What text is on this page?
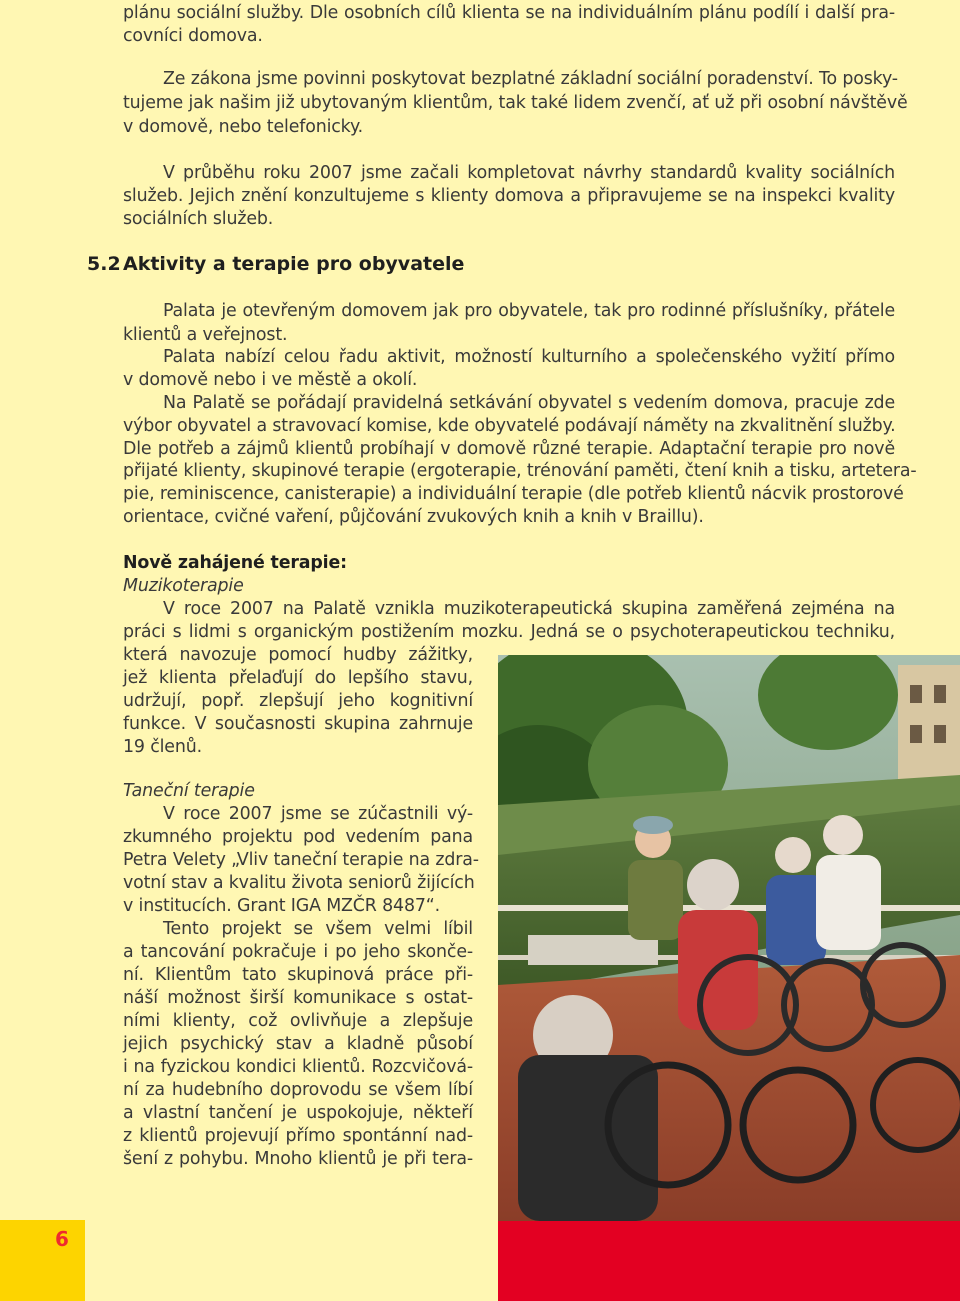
plánu sociální služby. Dle osobních cílů klienta se na individuálním plánu podílí i další pra-
covníci domova.
Ze zákona jsme povinni poskytovat bezplatné základní sociální poradenství. To posky-
tujeme jak našim již ubytovaným klientům, tak také lidem zvenčí, ať už při osobní návštěvě
v domově, nebo telefonicky.
V průběhu roku 2007 jsme začali kompletovat návrhy standardů kvality sociálních
služeb. Jejich znění konzultujeme s klienty domova a připravujeme se na inspekci kvality
sociálních služeb.
5.2 Aktivity a terapie pro obyvatele
Palata je otevřeným domovem jak pro obyvatele, tak pro rodinné příslušníky, přátele
klientů a veřejnost.
Palata nabízí celou řadu aktivit, možností kulturního a společenského vyžití přímo
v domově nebo i ve městě a okolí.
Na Palatě se pořádají pravidelná setkávání obyvatel s vedením domova, pracuje zde
výbor obyvatel a stravovací komise, kde obyvatelé podávají náměty na zkvalitnění služby.
Dle potřeb a zájmů klientů probíhají v domově různé terapie. Adaptační terapie pro nově
přijaté klienty, skupinové terapie (ergoterapie, trénování paměti, čtení knih a tisku, artetera-
pie, reminiscence, canisterapie) a individuální terapie (dle potřeb klientů nácvik prostorové
orientace, cvičné vaření, půjčování zvukových knih a knih v Braillu).
Nově zahájené terapie:
Muzikoterapie
V roce 2007 na Palatě vznikla muzikoterapeutická skupina zaměřená zejména na
práci s lidmi s organickým postižením mozku. Jedná se o psychoterapeutickou techniku,
která navozuje pomocí hudby zážitky,
jež klienta přelaďují do lepšího stavu,
udržují, popř. zlepšují jeho kognitivní
funkce. V současnosti skupina zahrnuje
19 členů.
Taneční terapie
V roce 2007 jsme se zúčastnili vý-
zkumného projektu pod vedením pana
Petra Velety „Vliv taneční terapie na zdra-
votní stav a kvalitu života seniorů žijících
v institucích. Grant IGA MZČR 8487“.
Tento projekt se všem velmi líbil
a tancování pokračuje i po jeho skonče-
ní. Klientům tato skupinová práce při-
náší možnost širší komunikace s ostat-
ními klienty, což ovlivňuje a zlepšuje
jejich psychický stav a kladně působí
i na fyzickou kondici klientů. Rozcvičová-
ní za hudebního doprovodu se všem líbí
a vlastní tančení je uspokojuje, někteří
z klientů projevují přímo spontánní nad-
šení z pohybu. Mnoho klientů je při tera-
6
